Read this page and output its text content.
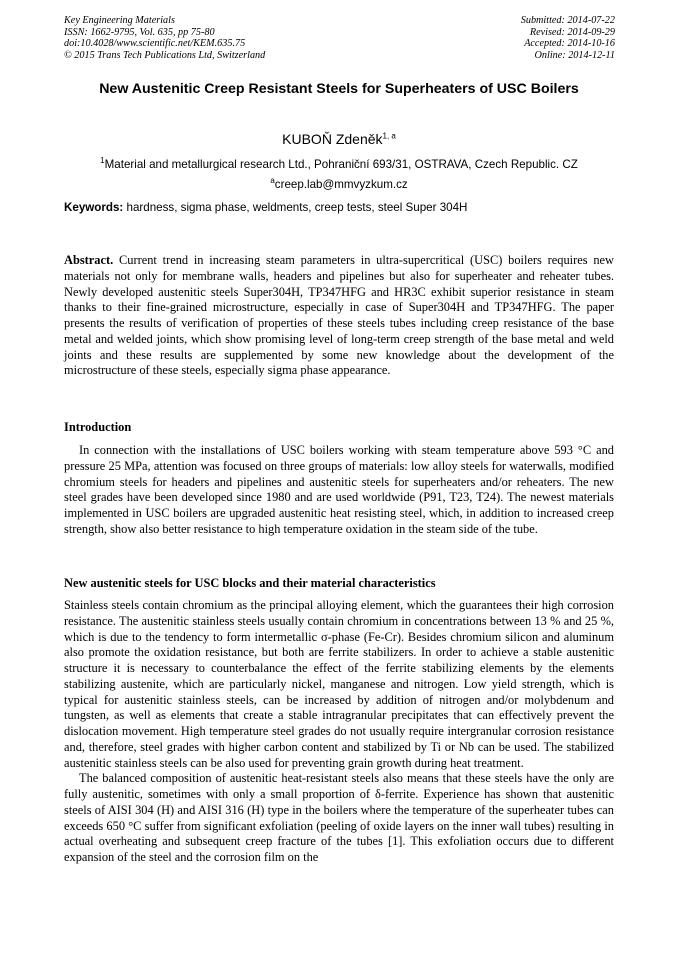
Key Engineering Materials
ISSN: 1662-9795, Vol. 635, pp 75-80
doi:10.4028/www.scientific.net/KEM.635.75
© 2015 Trans Tech Publications Ltd, Switzerland
Submitted: 2014-07-22
Revised: 2014-09-29
Accepted: 2014-10-16
Online: 2014-12-11
New Austenitic Creep Resistant Steels for Superheaters of USC Boilers
KUBOŇ Zdeněk$^{1, a}$
$^1$Material and metallurgical research Ltd., Pohraniční 693/31, OSTRAVA, Czech Republic. CZ
$^a$creep.lab@mmvyzkum.cz
Keywords: hardness, sigma phase, weldments, creep tests, steel Super 304H

Abstract. Current trend in increasing steam parameters in ultra-supercritical (USC) boilers requires new materials not only for membrane walls, headers and pipelines but also for superheater and reheater tubes. Newly developed austenitic steels Super304H, TP347HFG and HR3C exhibit superior resistance in steam thanks to their fine-grained microstructure, especially in case of Super304H and TP347HFG. The paper presents the results of verification of properties of these steels tubes including creep resistance of the base metal and welded joints, which show promising level of long-term creep strength of the base metal and weld joints and these results are supplemented by some new knowledge about the development of the microstructure of these steels, especially sigma phase appearance.

Introduction

In connection with the installations of USC boilers working with steam temperature above 593 °C and pressure 25 MPa, attention was focused on three groups of materials: low alloy steels for waterwalls, modified chromium steels for headers and pipelines and austenitic steels for superheaters and/or reheaters. The new steel grades have been developed since 1980 and are used worldwide (P91, T23, T24). The newest materials implemented in USC boilers are upgraded austenitic heat resisting steel, which, in addition to increased creep strength, show also better resistance to high temperature oxidation in the steam side of the tube.

New austenitic steels for USC blocks and their material characteristics

Stainless steels contain chromium as the principal alloying element, which the guarantees their high corrosion resistance. The austenitic stainless steels usually contain chromium in concentrations between 13 % and 25 %, which is due to the tendency to form intermetallic σ-phase (Fe-Cr). Besides chromium silicon and aluminum also promote the oxidation resistance, but both are ferrite stabilizers. In order to achieve a stable austenitic structure it is necessary to counterbalance the effect of the ferrite stabilizing elements by the elements stabilizing austenite, which are particularly nickel, manganese and nitrogen. Low yield strength, which is typical for austenitic stainless steels, can be increased by addition of nitrogen and/or molybdenum and tungsten, as well as elements that create a stable intragranular precipitates that can effectively prevent the dislocation movement. High temperature steel grades do not usually require intergranular corrosion resistance and, therefore, steel grades with higher carbon content and stabilized by Ti or Nb can be used. The stabilized austenitic stainless steels can be also used for preventing grain growth during heat treatment.

The balanced composition of austenitic heat-resistant steels also means that these steels have the only are fully austenitic, sometimes with only a small proportion of δ-ferrite. Experience has shown that austenitic steels of AISI 304 (H) and AISI 316 (H) type in the boilers where the temperature of the superheater tubes can exceeds 650 °C suffer from significant exfoliation (peeling of oxide layers on the inner wall tubes) resulting in actual overheating and subsequent creep fracture of the tubes [1]. This exfoliation occurs due to different expansion of the steel and the corrosion film on the
